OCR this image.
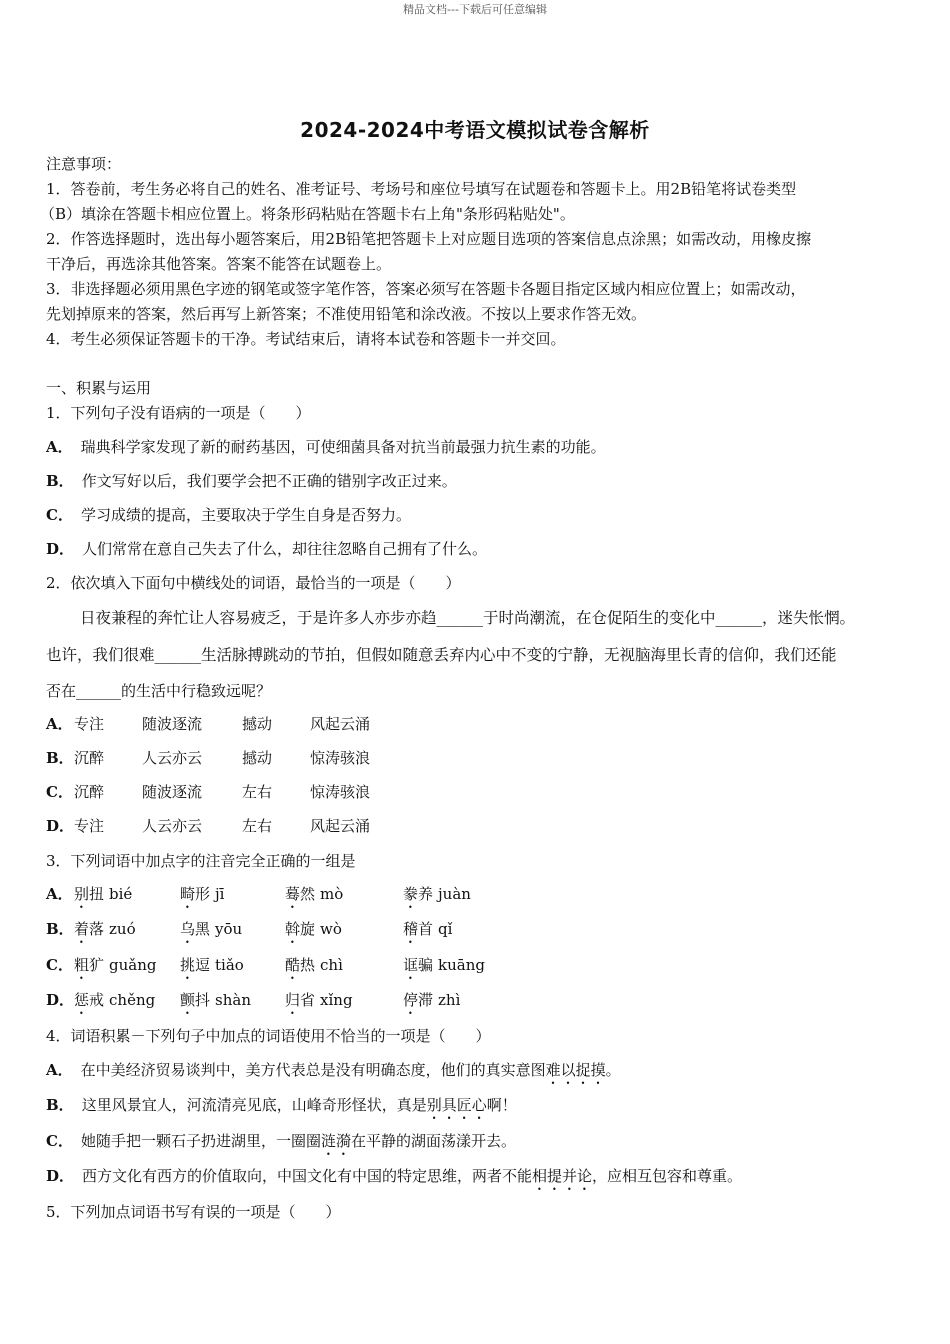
精品文档---下载后可任意编辑
2024-2024中考语文模拟试卷含解析
注意事项：
1．答卷前，考生务必将自己的姓名、准考证号、考场号和座位号填写在试题卷和答题卡上。用2B铅笔将试卷类型
（B）填涂在答题卡相应位置上。将条形码粘贴在答题卡右上角"条形码粘贴处"。
2．作答选择题时，选出每小题答案后，用2B铅笔把答题卡上对应题目选项的答案信息点涂黑；如需改动，用橡皮擦
干净后，再选涂其他答案。答案不能答在试题卷上。
3．非选择题必须用黑色字迹的钢笔或签字笔作答，答案必须写在答题卡各题目指定区域内相应位置上；如需改动，
先划掉原来的答案，然后再写上新答案；不准使用铅笔和涂改液。不按以上要求作答无效。
4．考生必须保证答题卡的干净。考试结束后，请将本试卷和答题卡一并交回。
一、积累与运用
1．下列句子没有语病的一项是（　　）
A． 瑞典科学家发现了新的耐药基因，可使细菌具备对抗当前最强力抗生素的功能。
B． 作文写好以后，我们要学会把不正确的错别字改正过来。
C． 学习成绩的提高，主要取决于学生自身是否努力。
D． 人们常常在意自己失去了什么，却往往忽略自己拥有了什么。
2．依次填入下面句中横线处的词语，最恰当的一项是（　　）
日夜兼程的奔忙让人容易疲乏，于是许多人亦步亦趋______于时尚潮流，在仓促陌生的变化中______，迷失怅惘。
也许，我们很难______生活脉搏跳动的节拍，但假如随意丢弃内心中不变的宁静，无视脑海里长青的信仰，我们还能
否在______的生活中行稳致远呢？
A． 专注	随波逐流	撼动	风起云涌
B． 沉醉	人云亦云	撼动	惊涛骇浪
C． 沉醉	随波逐流	左右	惊涛骇浪
D． 专注	人云亦云	左右	风起云涌
3．下列词语中加点字的注音完全正确的一组是
A． 别扭 bié	畸形 jī	蓦然 mò	豢养 juàn
B． 着落 zuó	乌黑 yōu	斡旋 wò	稽首 qǐ
C． 粗犷 guǎng 挑逗 tiǎo	酷热 chì	诓骗 kuāng
D． 惩戒 chěng 颤抖 shàn 归省 xǐng	停滞 zhì
4．词语积累－下列句子中加点的词语使用不恰当的一项是（　　）
A． 在中美经济贸易谈判中，美方代表总是没有明确态度，他们的真实意图难以捉摸。
B． 这里风景宜人，河流清亮见底，山峰奇形怪状，真是别具匠心啊！
C． 她随手把一颗石子扔进湖里，一圈圈涟漪在平静的湖面荡漾开去。
D． 西方文化有西方的价值取向，中国文化有中国的特定思维，两者不能相提并论，应相互包容和尊重。
5．下列加点词语书写有误的一项是（　　）
